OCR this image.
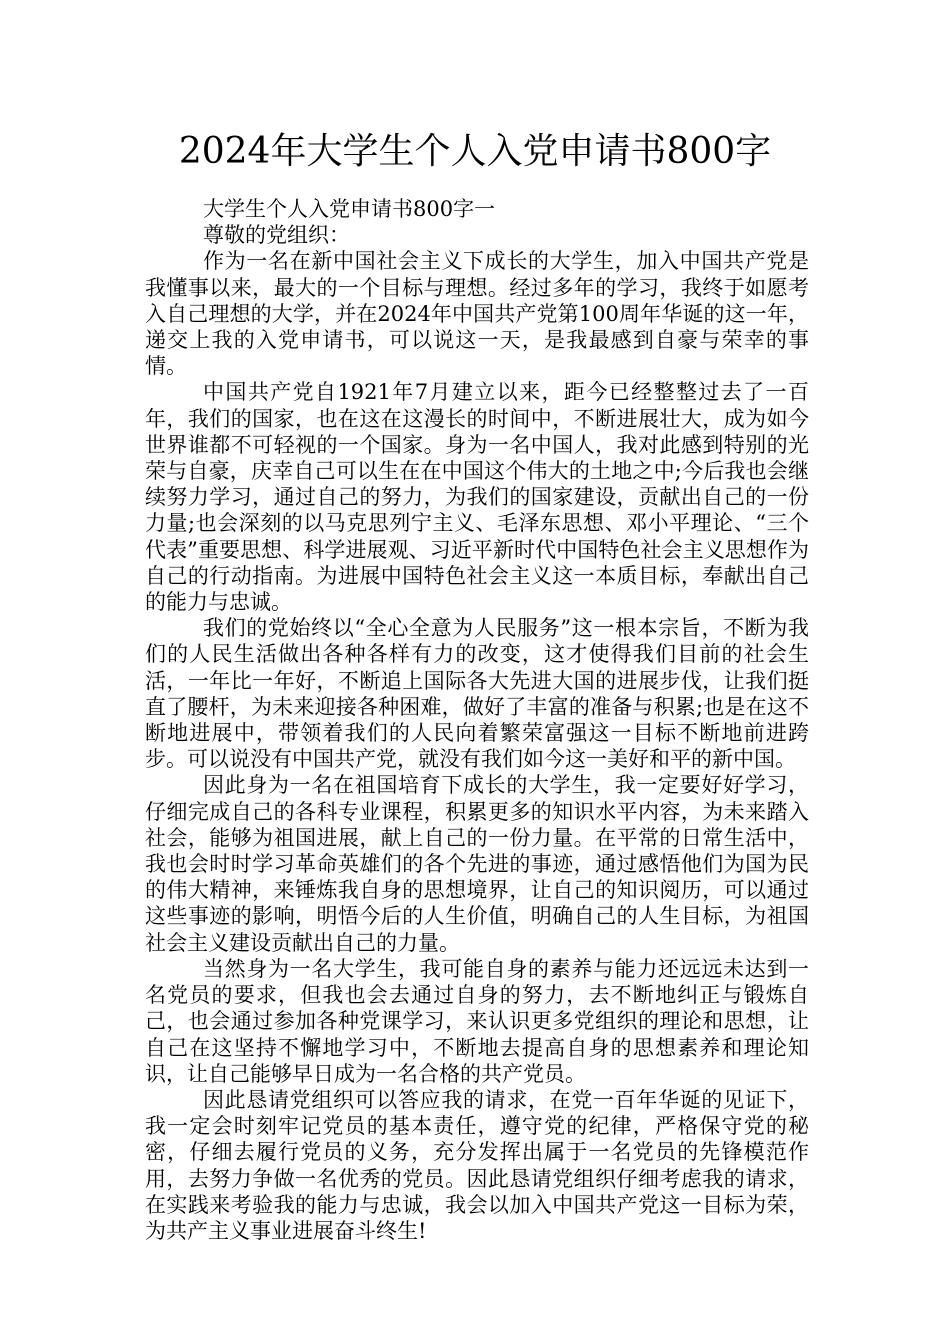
2024年大学生个人入党申请书800字

大学生个人入党申请书800字一

尊敬的党组织：

作为一名在新中国社会主义下成长的大学生，加入中国共产党是我懂事以来，最大的一个目标与理想。经过多年的学习，我终于如愿考入自己理想的大学，并在2024年中国共产党第100周年华诞的这一年，递交上我的入党申请书，可以说这一天，是我最感到自豪与荣幸的事情。

中国共产党自1921年7月建立以来，距今已经整整过去了一百年，我们的国家，也在这在这漫长的时间中，不断进展壮大，成为如今世界谁都不可轻视的一个国家。身为一名中国人，我对此感到特别的光荣与自豪，庆幸自己可以生在在中国这个伟大的土地之中;今后我也会继续努力学习，通过自己的努力，为我们的国家建设，贡献出自己的一份力量;也会深刻的以马克思列宁主义、毛泽东思想、邓小平理论、“三个代表”重要思想、科学进展观、习近平新时代中国特色社会主义思想作为自己的行动指南。为进展中国特色社会主义这一本质目标，奉献出自己的能力与忠诚。

我们的党始终以“全心全意为人民服务”这一根本宗旨，不断为我们的人民生活做出各种各样有力的改变，这才使得我们目前的社会生活，一年比一年好，不断追上国际各大先进大国的进展步伐，让我们挺直了腰杆，为未来迎接各种困难，做好了丰富的准备与积累;也是在这不断地进展中，带领着我们的人民向着繁荣富强这一目标不断地前进跨步。可以说没有中国共产党，就没有我们如今这一美好和平的新中国。

因此身为一名在祖国培育下成长的大学生，我一定要好好学习，仔细完成自己的各科专业课程，积累更多的知识水平内容，为未来踏入社会，能够为祖国进展，献上自己的一份力量。在平常的日常生活中，我也会时时学习革命英雄们的各个先进的事迹，通过感悟他们为国为民的伟大精神，来锤炼我自身的思想境界，让自己的知识阅历，可以通过这些事迹的影响，明悟今后的人生价值，明确自己的人生目标，为祖国社会主义建设贡献出自己的力量。

当然身为一名大学生，我可能自身的素养与能力还远远未达到一名党员的要求，但我也会去通过自身的努力，去不断地纠正与锻炼自己，也会通过参加各种党课学习，来认识更多党组织的理论和思想，让自己在这坚持不懈地学习中，不断地去提高自身的思想素养和理论知识，让自己能够早日成为一名合格的共产党员。

因此恳请党组织可以答应我的请求，在党一百年华诞的见证下，我一定会时刻牢记党员的基本责任，遵守党的纪律，严格保守党的秘密，仔细去履行党员的义务，充分发挥出属于一名党员的先锋模范作用，去努力争做一名优秀的党员。因此恳请党组织仔细考虑我的请求，在实践来考验我的能力与忠诚，我会以加入中国共产党这一目标为荣，为共产主义事业进展奋斗终生!
